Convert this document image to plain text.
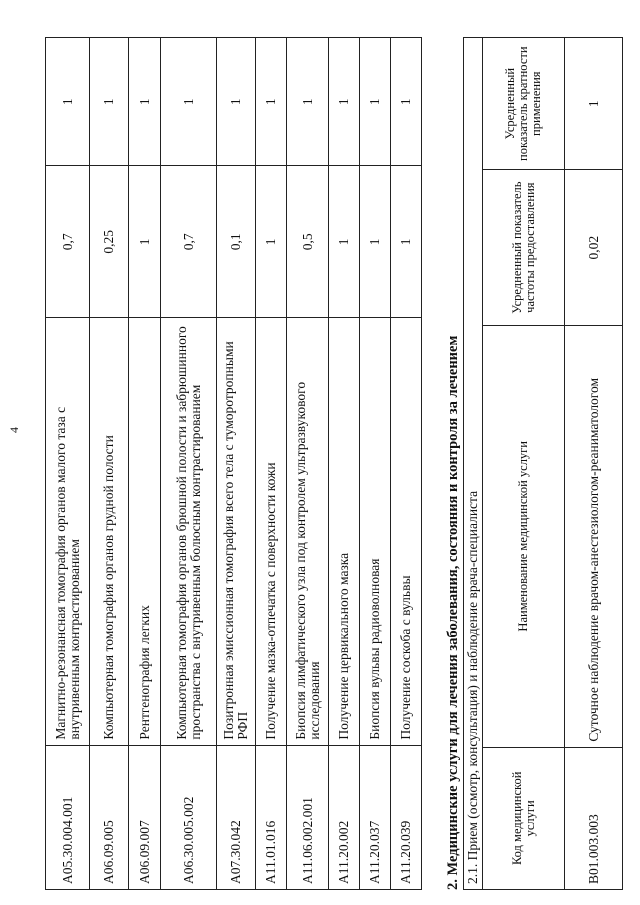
4
A05.30.004.001	Магнитно-резонансная томография органов малого таза с внутривенным контрастированием	0,7	1
A06.09.005	Компьютерная томография органов грудной полости	0,25	1
A06.09.007	Рентгенография легких	1	1
A06.30.005.002	Компьютерная томография органов брюшной полости и забрюшинного пространства с внутривенным болюсным контрастированием	0,7	1
A07.30.042	Позитронная эмиссионная томография всего тела с туморотропными РФП	0,1	1
A11.01.016	Получение мазка-отпечатка с поверхности кожи	1	1
A11.06.002.001	Биопсия лимфатического узла под контролем ультразвукового исследования	0,5	1
A11.20.002	Получение цервикального мазка	1	1
A11.20.037	Биопсия вульвы радиоволновая	1	1
A11.20.039	Получение соскоба с вульвы	1	1
2. Медицинские услуги для лечения заболевания, состояния и контроля за лечением 2.1. Прием (осмотр, консультация) и наблюдение врача-специалиста			
Код медицинской услуги	Наименование медицинской услуги	Усредненный показатель частоты предоставления	Усредненный показатель кратности применения
B01.003.003	Суточное наблюдение врачом-анестезиологом-реаниматологом	0,02	1
